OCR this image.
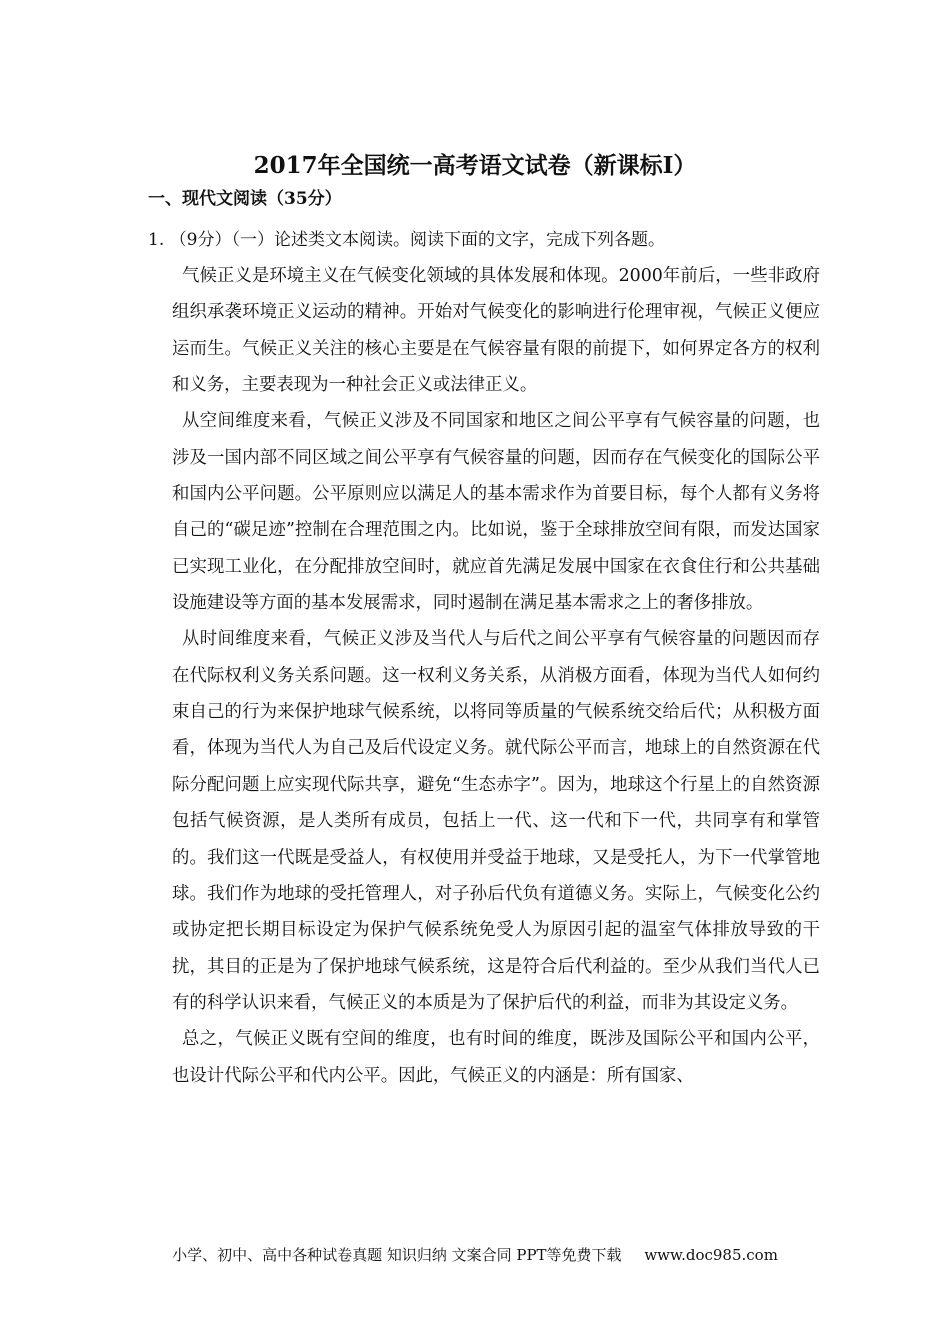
2017年全国统一高考语文试卷（新课标Ⅰ）
一、现代文阅读（35分）
1. （9分）（一）论述类文本阅读。阅读下面的文字，完成下列各题。

气候正义是环境主义在气候变化领域的具体发展和体现。2000年前后，一些非政府组织承袭环境正义运动的精神。开始对气候变化的影响进行伦理审视，气候正义便应运而生。气候正义关注的核心主要是在气候容量有限的前提下，如何界定各方的权利和义务，主要表现为一种社会正义或法律正义。

从空间维度来看，气候正义涉及不同国家和地区之间公平享有气候容量的问题，也涉及一国内部不同区域之间公平享有气候容量的问题，因而存在气候变化的国际公平和国内公平问题。公平原则应以满足人的基本需求作为首要目标，每个人都有义务将自己的“碳足迹”控制在合理范围之内。比如说，鉴于全球排放空间有限，而发达国家已实现工业化，在分配排放空间时，就应首先满足发展中国家在衣食住行和公共基础设施建设等方面的基本发展需求，同时遏制在满足基本需求之上的奢侈排放。

从时间维度来看，气候正义涉及当代人与后代之间公平享有气候容量的问题因而存在代际权利义务关系问题。这一权利义务关系，从消极方面看，体现为当代人如何约束自己的行为来保护地球气候系统，以将同等质量的气候系统交给后代；从积极方面看，体现为当代人为自己及后代设定义务。就代际公平而言，地球上的自然资源在代际分配问题上应实现代际共享，避免“生态赤字”。因为，地球这个行星上的自然资源包括气候资源，是人类所有成员，包括上一代、这一代和下一代，共同享有和掌管的。我们这一代既是受益人，有权使用并受益于地球，又是受托人，为下一代掌管地球。我们作为地球的受托管理人，对子孙后代负有道德义务。实际上，气候变化公约或协定把长期目标设定为保护气候系统免受人为原因引起的温室气体排放导致的干扰，其目的正是为了保护地球气候系统，这是符合后代利益的。至少从我们当代人已有的科学认识来看，气候正义的本质是为了保护后代的利益，而非为其设定义务。

总之，气候正义既有空间的维度，也有时间的维度，既涉及国际公平和国内公平，也设计代际公平和代内公平。因此，气候正义的内涵是：所有国家、

小学、初中、高中各种试卷真题 知识归纳 文案合同 PPT等免费下载 www.doc985.com
